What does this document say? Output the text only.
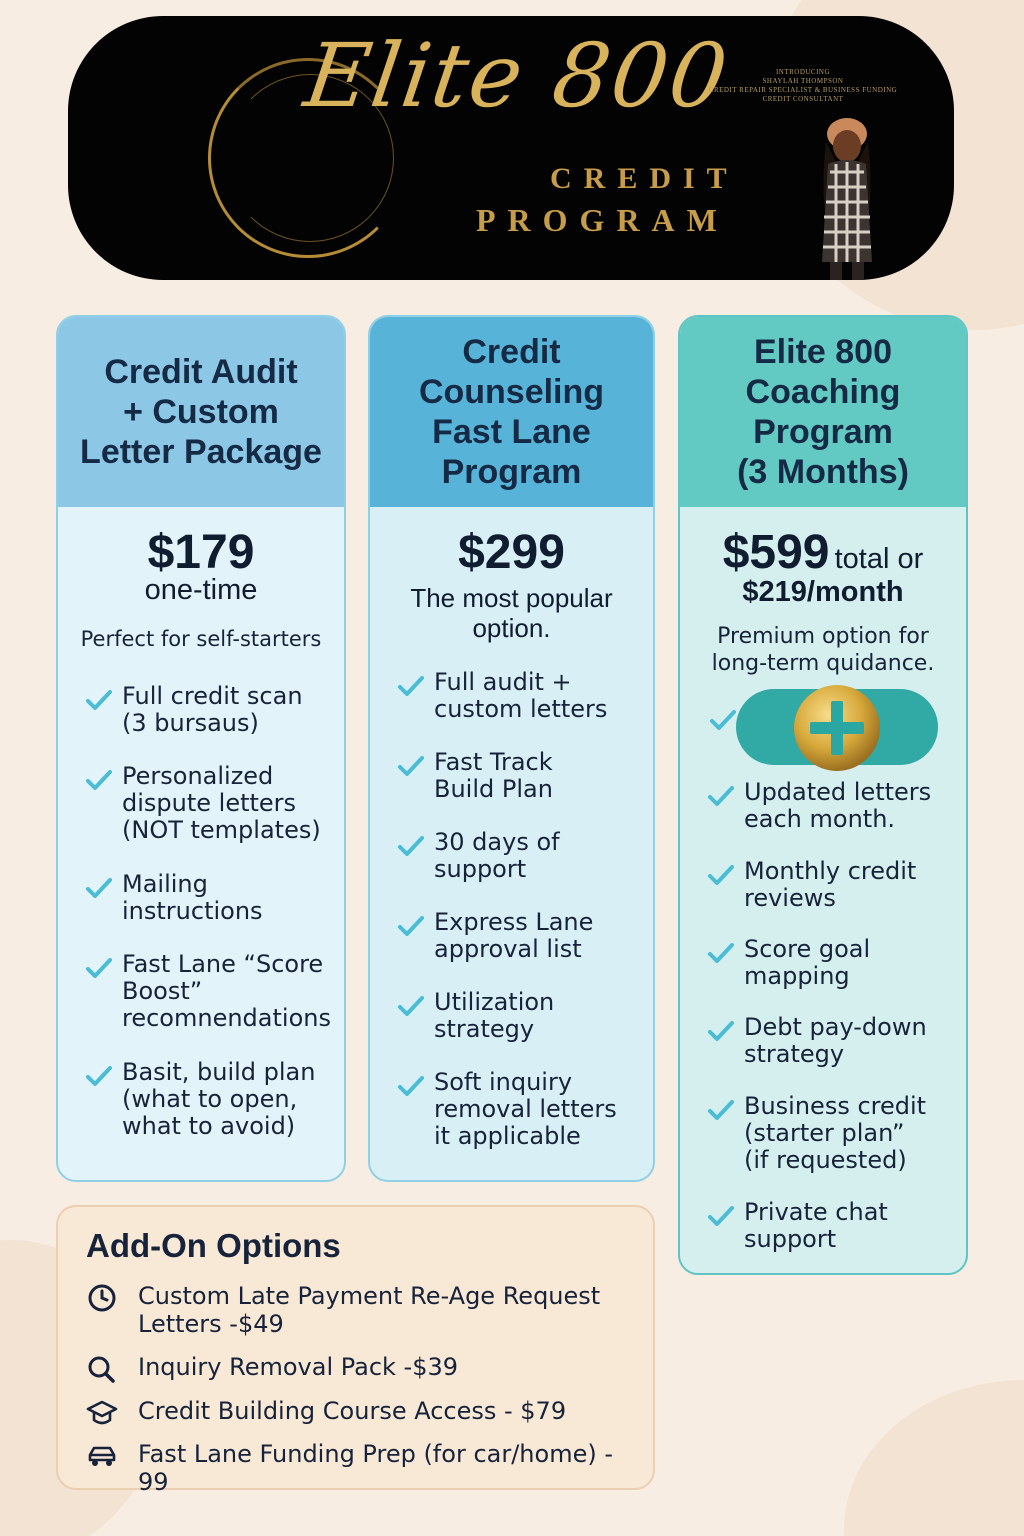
Elite 800
CREDIT
PROGRAM
INTRODUCING
SHAYLAH THOMPSON
CREDIT REPAIR SPECIALIST & BUSINESS FUNDING
CREDIT CONSULTANT
Credit Audit
+ Custom
Letter Package
$179
one-time
Perfect for self-starters
Full credit scan
(3 bursaus)
Personalized
dispute letters
(NOT templates)
Mailing
instructions
Fast Lane “Score
Boost”
recomnendations
Basit, build plan
(what to open,
what to avoid)
Credit
Counseling
Fast Lane
Program
$299
The most popular
option.
Full audit +
custom letters
Fast Track
Build Plan
30 days of
support
Express Lane
approval list
Utilization
strategy
Soft inquiry
removal letters
it applicable
Elite 800
Coaching
Program
(3 Months)
$599 total or
$219/month
Premium option for
long-term quidance.
Updated letters
each month.
Monthly credit
reviews
Score goal
mapping
Debt pay-down
strategy
Business credit
(starter plan”
(if requested)
Private chat
support
Add-On Options
Custom Late Payment Re-Age Request
Letters -$49
Inquiry Removal Pack -$39
Credit Building Course Access - $79
Fast Lane Funding Prep (for car/home) - 99
